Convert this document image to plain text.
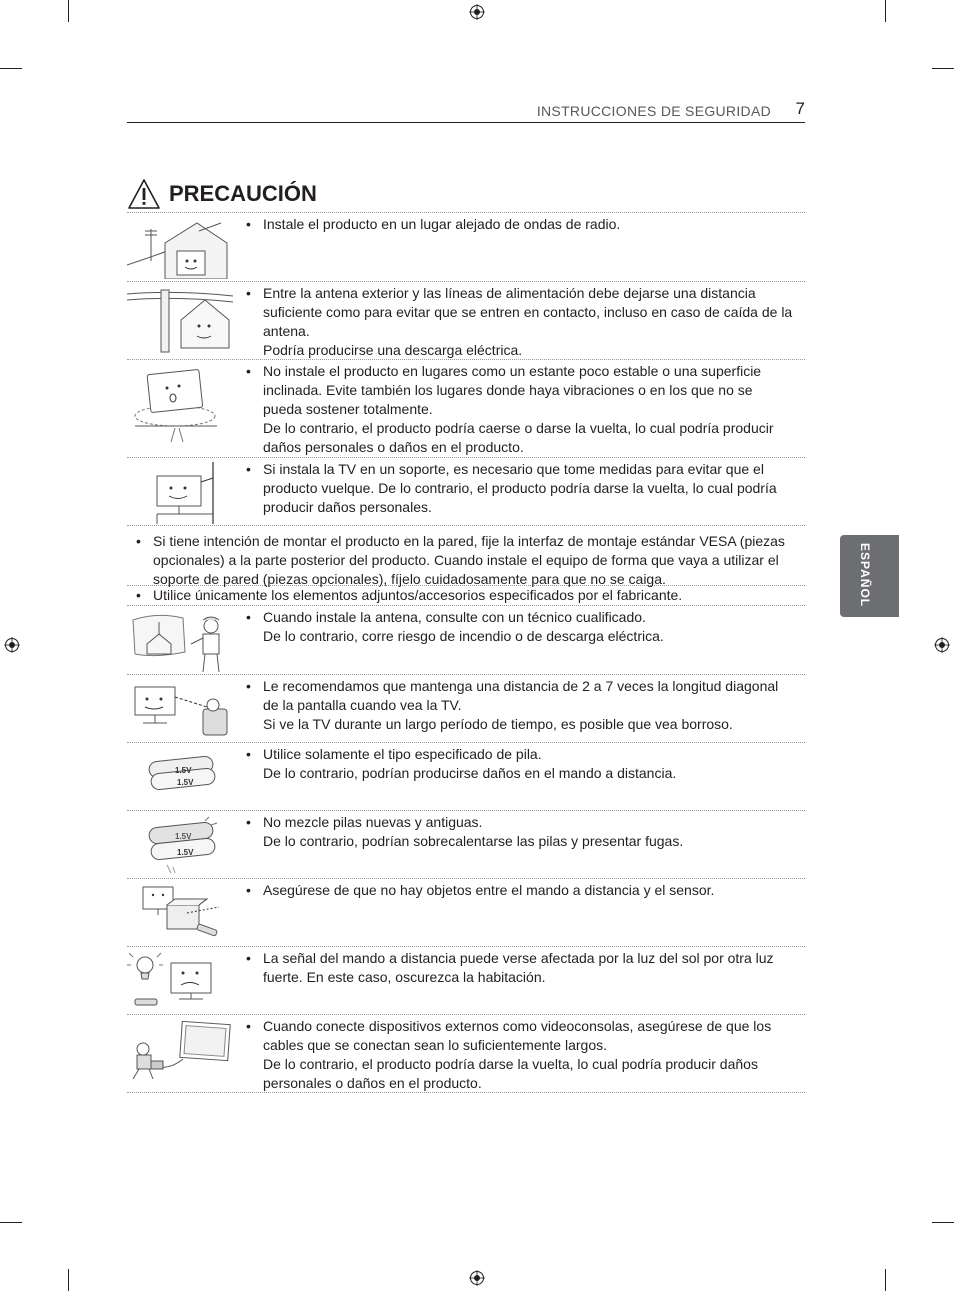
INSTRUCCIONES DE SEGURIDAD 7
ESPAÑOL
PRECAUCIÓN
• Instale el producto en un lugar alejado de ondas de radio.

• Entre la antena exterior y las líneas de alimentación debe dejarse una distancia suficiente como para evitar que se entren en contacto, incluso en caso de caída de la antena.

Podría producirse una descarga eléctrica.

• No instale el producto en lugares como un estante poco estable o una superficie inclinada. Evite también los lugares donde haya vibraciones o en los que no se pueda sostener totalmente.

De lo contrario, el producto podría caerse o darse la vuelta, lo cual podría producir daños personales o daños en el producto.

• Si instala la TV en un soporte, es necesario que tome medidas para evitar que el producto vuelque. De lo contrario, el producto podría darse la vuelta, lo cual podría producir daños personales.

• Si tiene intención de montar el producto en la pared, fije la interfaz de montaje estándar VESA (piezas opcionales) a la parte posterior del producto. Cuando instale el equipo de forma que vaya a utilizar el soporte de pared (piezas opcionales), fíjelo cuidadosamente para que no se caiga.

• Utilice únicamente los elementos adjuntos/accesorios especificados por el fabricante.

• Cuando instale la antena, consulte con un técnico cualificado.

De lo contrario, corre riesgo de incendio o de descarga eléctrica.

• Le recomendamos que mantenga una distancia de 2 a 7 veces la longitud diagonal de la pantalla cuando vea la TV.

Si ve la TV durante un largo período de tiempo, es posible que vea borroso.

1.5V
1.5V
• Utilice solamente el tipo especificado de pila.

De lo contrario, podrían producirse daños en el mando a distancia.

1.5V
1.5V
• No mezcle pilas nuevas y antiguas.

De lo contrario, podrían sobrecalentarse las pilas y presentar fugas.

• Asegúrese de que no hay objetos entre el mando a distancia y el sensor.

• La señal del mando a distancia puede verse afectada por la luz del sol por otra luz fuerte. En este caso, oscurezca la habitación.

• Cuando conecte dispositivos externos como videoconsolas, asegúrese de que los cables que se conectan sean lo suficientemente largos.

De lo contrario, el producto podría darse la vuelta, lo cual podría producir daños personales o daños en el producto.
